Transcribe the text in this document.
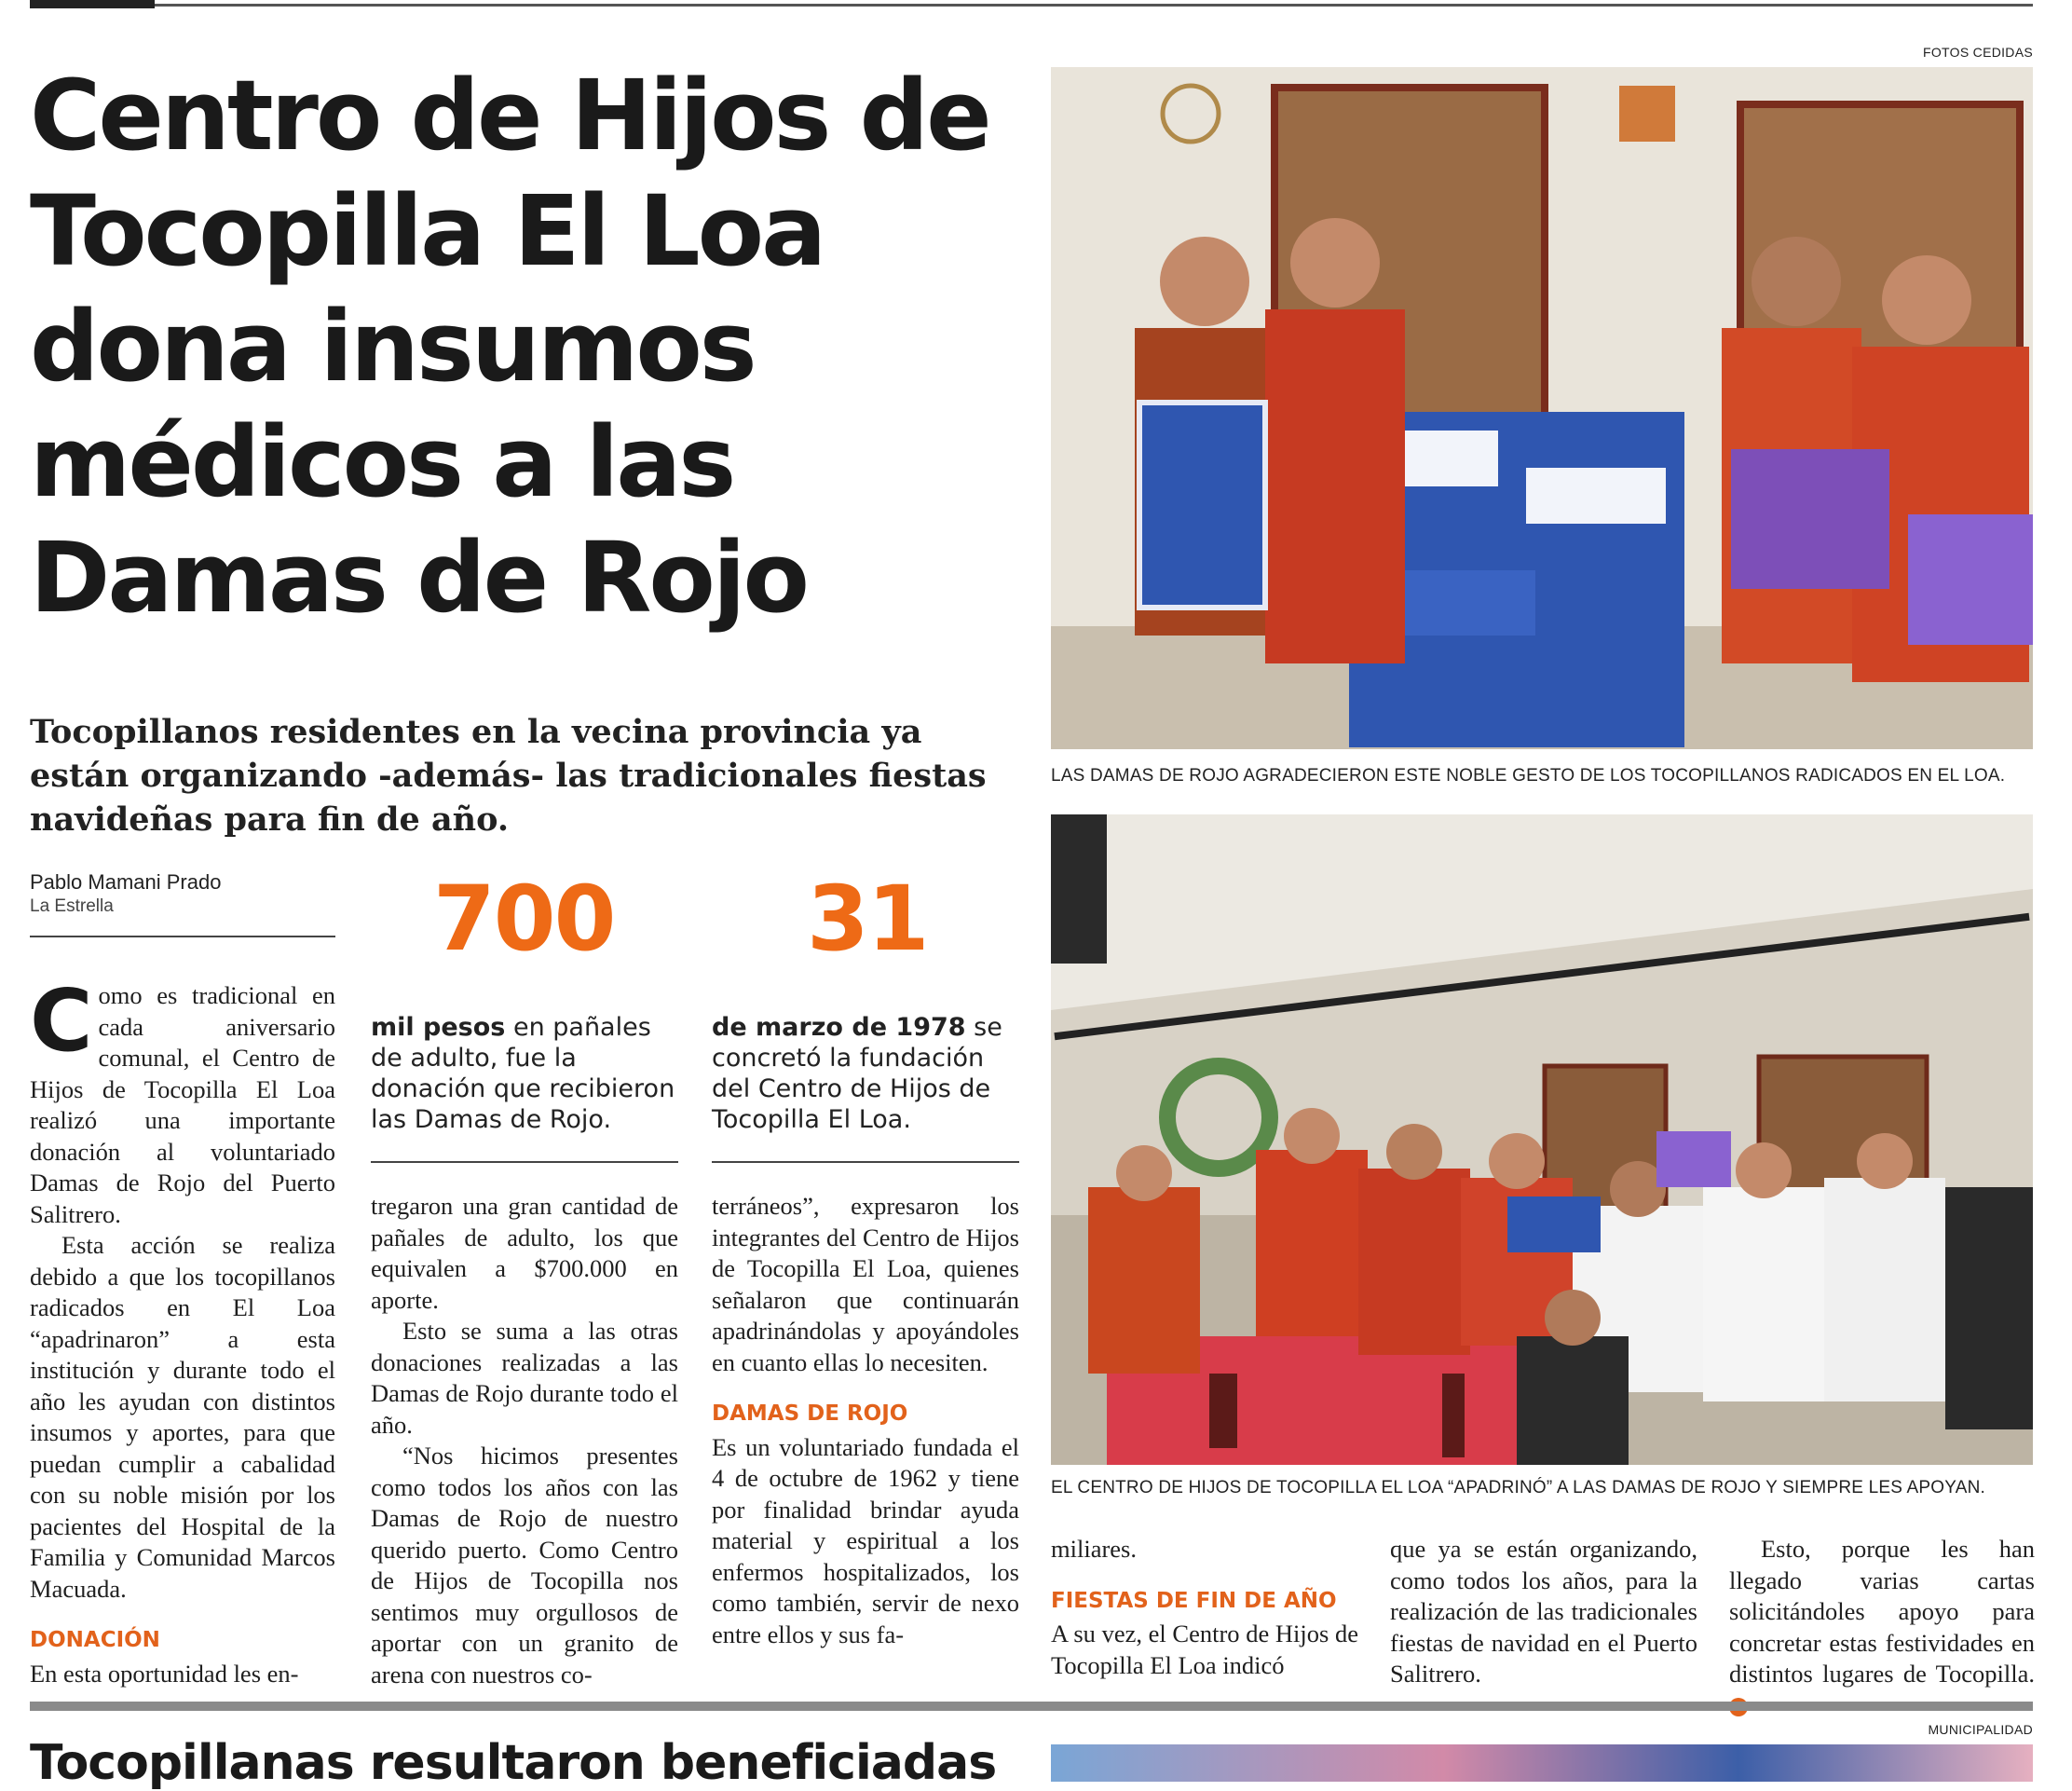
FOTOS CEDIDAS
Centro de Hijos de Tocopilla El Loa dona insumos médicos a las Damas de Rojo

Tocopillanos residentes en la vecina provincia ya están organizando -además- las tradicionales fiestas navideñas para fin de año.

Pablo Mamani Prado
La Estrella	700
mil pesos en pañales de adulto, fue la donación que recibieron las Damas de Rojo.
31
de marzo de 1978 se concretó la fundación del Centro de Hijos de Tocopilla El Loa.

Como es tradicional en cada aniversario comunal, el Centro de Hijos de Tocopilla El Loa realizó una importante donación al voluntariado Damas de Rojo del Puerto Salitrero.

Esta acción se realiza debido a que los tocopillanos radicados en El Loa “apadrinaron” a esta institución y durante todo el año les ayudan con distintos insumos y aportes, para que puedan cumplir a cabalidad con su noble misión por los pacientes del Hospital de la Familia y Comunidad Marcos Macuada.

DONACIÓN

En esta oportunidad les en-

tregaron una gran cantidad de pañales de adulto, los que equivalen a $700.000 en aporte.

Esto se suma a las otras donaciones realizadas a las Damas de Rojo durante todo el año.

“Nos hicimos presentes como todos los años con las Damas de Rojo de nuestro querido puerto. Como Centro de Hijos de Tocopilla nos sentimos muy orgullosos de aportar con un granito de arena con nuestros co-

terráneos”, expresaron los integrantes del Centro de Hijos de Tocopilla El Loa, quienes señalaron que continuarán apadrinándolas y apoyándoles en cuanto ellas lo necesiten.

DAMAS DE ROJO

Es un voluntariado fundada el 4 de octubre de 1962 y tiene por finalidad brindar ayuda material y espiritual a los enfermos hospitalizados, los como también, servir de nexo entre ellos y sus fa-

LAS DAMAS DE ROJO AGRADECIERON ESTE NOBLE GESTO DE LOS TOCOPILLANOS RADICADOS EN EL LOA.
EL CENTRO DE HIJOS DE TOCOPILLA EL LOA “APADRINÓ” A LAS DAMAS DE ROJO Y SIEMPRE LES APOYAN.

miliares.

FIESTAS DE FIN DE AÑO

A su vez, el Centro de Hijos de Tocopilla El Loa indicó

que ya se están organizando, como todos los años, para la realización de las tradicionales fiestas de navidad en el Puerto Salitrero.

Esto, porque les han llegado varias cartas solicitándoles apoyo para concretar estas festividades en distintos lugares de Tocopilla.

MUNICIPALIDAD
Tocopillanas resultaron beneficiadas
